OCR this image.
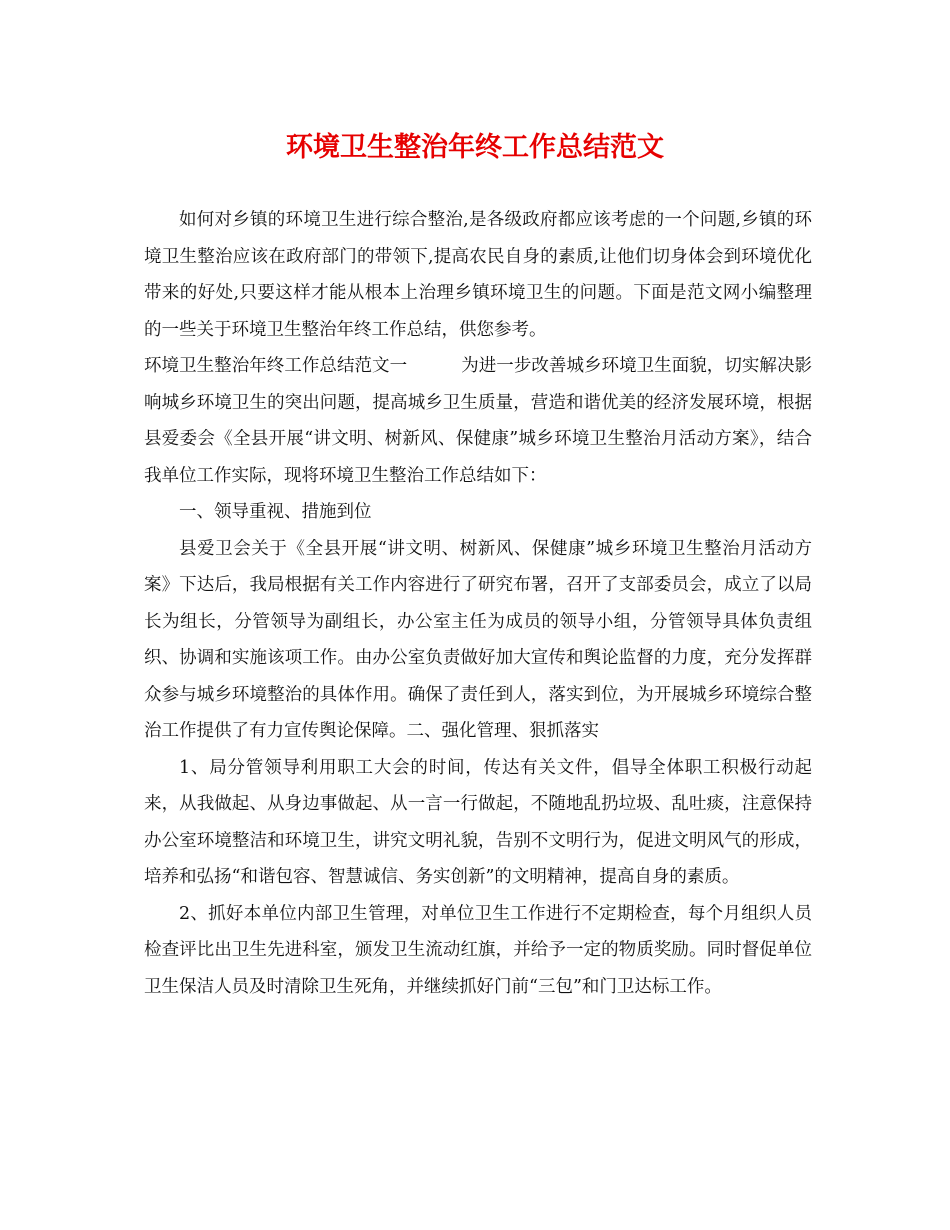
环境卫生整治年终工作总结范文

如何对乡镇的环境卫生进行综合整治,是各级政府都应该考虑的一个问题,乡镇的环境卫生整治应该在政府部门的带领下,提高农民自身的素质,让他们切身体会到环境优化带来的好处,只要这样才能从根本上治理乡镇环境卫生的问题。下面是范文网小编整理的一些关于环境卫生整治年终工作总结，供您参考。

环境卫生整治年终工作总结范文一	为进一步改善城乡环境卫生面貌，切实解决影响城乡环境卫生的突出问题，提高城乡卫生质量，营造和谐优美的经济发展环境，根据县爱委会《全县开展“讲文明、树新风、保健康”城乡环境卫生整治月活动方案》，结合我单位工作实际，现将环境卫生整治工作总结如下：

一、领导重视、措施到位

县爱卫会关于《全县开展“讲文明、树新风、保健康”城乡环境卫生整治月活动方案》下达后，我局根据有关工作内容进行了研究布署，召开了支部委员会，成立了以局长为组长，分管领导为副组长，办公室主任为成员的领导小组，分管领导具体负责组织、协调和实施该项工作。由办公室负责做好加大宣传和舆论监督的力度，充分发挥群众参与城乡环境整治的具体作用。确保了责任到人，落实到位，为开展城乡环境综合整治工作提供了有力宣传舆论保障。二、强化管理、狠抓落实

1、局分管领导利用职工大会的时间，传达有关文件，倡导全体职工积极行动起来，从我做起、从身边事做起、从一言一行做起，不随地乱扔垃圾、乱吐痰，注意保持办公室环境整洁和环境卫生，讲究文明礼貌，告别不文明行为，促进文明风气的形成，培养和弘扬“和谐包容、智慧诚信、务实创新”的文明精神，提高自身的素质。

2、抓好本单位内部卫生管理，对单位卫生工作进行不定期检查，每个月组织人员检查评比出卫生先进科室，颁发卫生流动红旗，并给予一定的物质奖励。同时督促单位卫生保洁人员及时清除卫生死角，并继续抓好门前“三包”和门卫达标工作。
